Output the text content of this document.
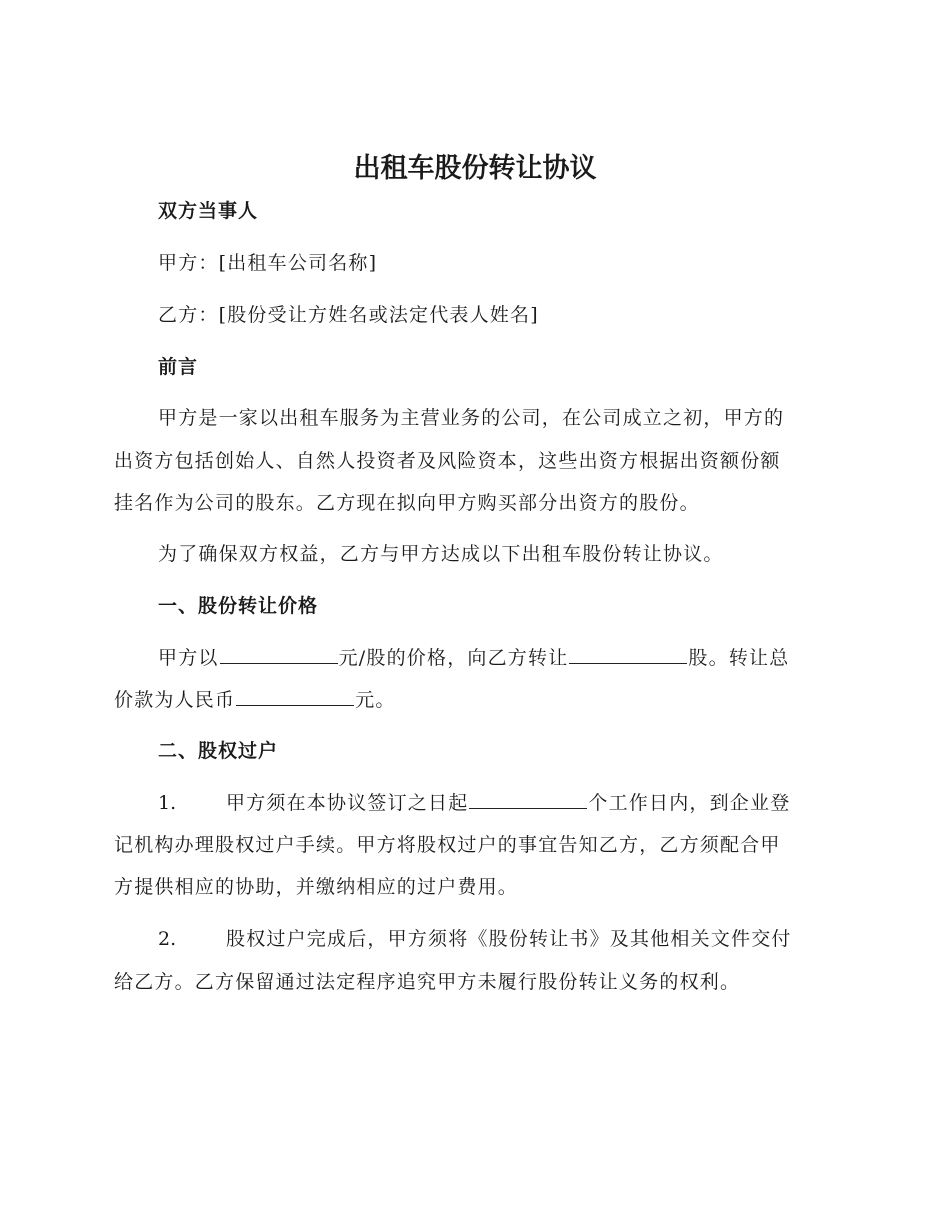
出租车股份转让协议
双方当事人
甲方：[出租车公司名称]
乙方：[股份受让方姓名或法定代表人姓名]
前言
甲方是一家以出租车服务为主营业务的公司，在公司成立之初，甲方的
出资方包括创始人、自然人投资者及风险资本，这些出资方根据出资额份额
挂名作为公司的股东。乙方现在拟向甲方购买部分出资方的股份。
为了确保双方权益，乙方与甲方达成以下出租车股份转让协议。
一、股份转让价格
甲方以	元/股的价格，向乙方转让	股。转让总
价款为人民币	元。
二、股权过户
1.	甲方须在本协议签订之日起	个工作日内，到企业登
记机构办理股权过户手续。甲方将股权过户的事宜告知乙方，乙方须配合甲
方提供相应的协助，并缴纳相应的过户费用。
2.	股权过户完成后，甲方须将《股份转让书》及其他相关文件交付
给乙方。乙方保留通过法定程序追究甲方未履行股份转让义务的权利。
